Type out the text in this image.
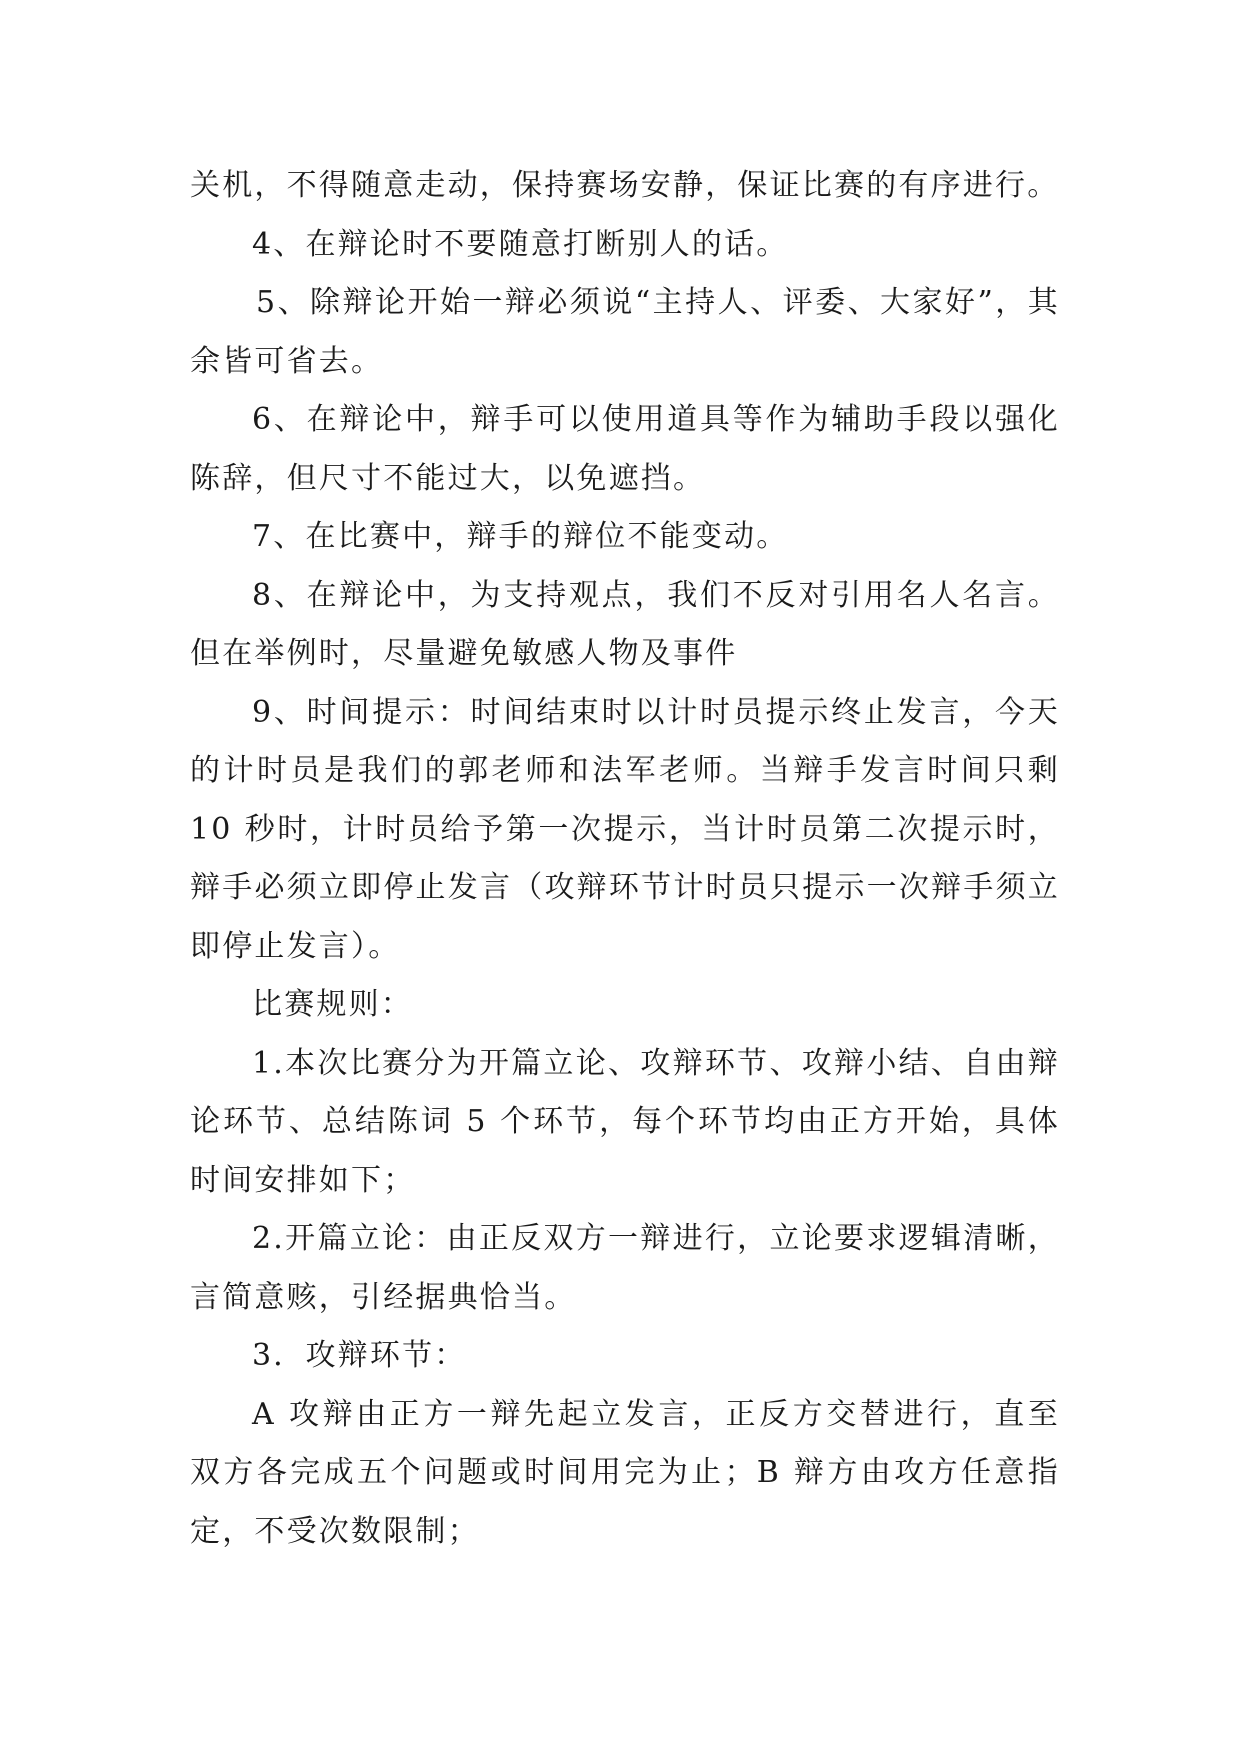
关机，不得随意走动，保持赛场安静，保证比赛的有序进行。

4、在辩论时不要随意打断别人的话。

5、除辩论开始一辩必须说“主持人、评委、大家好”，其余皆可省去。

6、在辩论中，辩手可以使用道具等作为辅助手段以强化陈辞，但尺寸不能过大，以免遮挡。

7、在比赛中，辩手的辩位不能变动。

8、在辩论中，为支持观点，我们不反对引用名人名言。但在举例时，尽量避免敏感人物及事件

9、时间提示：时间结束时以计时员提示终止发言，今天的计时员是我们的郭老师和法军老师。当辩手发言时间只剩 10 秒时，计时员给予第一次提示，当计时员第二次提示时，辩手必须立即停止发言（攻辩环节计时员只提示一次辩手须立即停止发言）。

比赛规则：

1.本次比赛分为开篇立论、攻辩环节、攻辩小结、自由辩论环节、总结陈词 5 个环节，每个环节均由正方开始，具体时间安排如下；

2.开篇立论：由正反双方一辩进行，立论要求逻辑清晰，言简意赅，引经据典恰当。

3．攻辩环节：

A 攻辩由正方一辩先起立发言，正反方交替进行，直至双方各完成五个问题或时间用完为止；B 辩方由攻方任意指定，不受次数限制；
